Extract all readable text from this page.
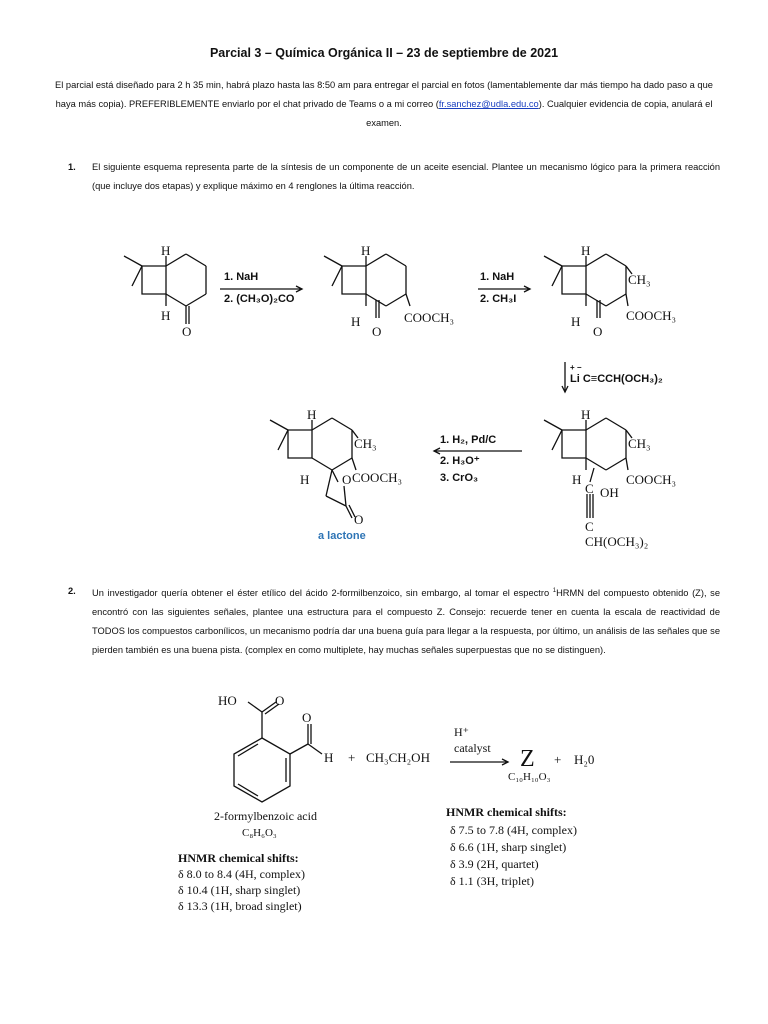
Parcial 3 – Química Orgánica II – 23 de septiembre de 2021
El parcial está diseñado para 2 h 35 min, habrá plazo hasta las 8:50 am para entregar el parcial en fotos (lamentablemente dar más tiempo ha dado paso a que haya más copia). PREFERIBLEMENTE enviarlo por el chat privado de Teams o a mi correo (fr.sanchez@udla.edu.co). Cualquier evidencia de copia, anulará el examen.
1. El siguiente esquema representa parte de la síntesis de un componente de un aceite esencial. Plantee un mecanismo lógico para la primera reacción (que incluye dos etapas) y explique máximo en 4 renglones la última reacción.
1. NaH
2. (CH₃O)₂CO
1. NaH
2. CH₃I
Li C≡CCH(OCH₃)₂
1. H₂, Pd/C
2. H₃O⁺
3. CrO₃
+ −
H
H
O
H
H
O
COOCH₃
H
H
O
CH₃
COOCH₃
H
H
C OH
CH₃
COOCH₃
C
CH(OCH₃)₂
H
H
CH₃
O COOCH₃
O
a lactone
2. Un investigador quería obtener el éster etílico del ácido 2-formilbenzoico, sin embargo, al tomar el espectro $^1$HRMN del compuesto obtenido (Z), se encontró con las siguientes señales, plantee una estructura para el compuesto Z. Consejo: recuerde tener en cuenta la escala de reactividad de TODOS los compuestos carbonílicos, un mecanismo podría dar una buena guía para llegar a la respuesta, por último, un análisis de las señales que se pierden también es una buena pista. (complex en como multiplete, hay muchas señales superpuestas que no se distinguen).
HO	O
O
H + CH₃CH₂OH
H⁺
catalyst Z
C₁₀H₁₀O₃
+ H₂0
2-formylbenzoic acid
C₈H₆O₃
HNMR chemical shifts:
δ 8.0 to 8.4 (4H, complex)
δ 10.4 (1H, sharp singlet)
δ 13.3 (1H, broad singlet)
HNMR chemical shifts:
δ 7.5 to 7.8 (4H, complex)
δ 6.6 (1H, sharp singlet)
δ 3.9 (2H, quartet)
δ 1.1 (3H, triplet)
